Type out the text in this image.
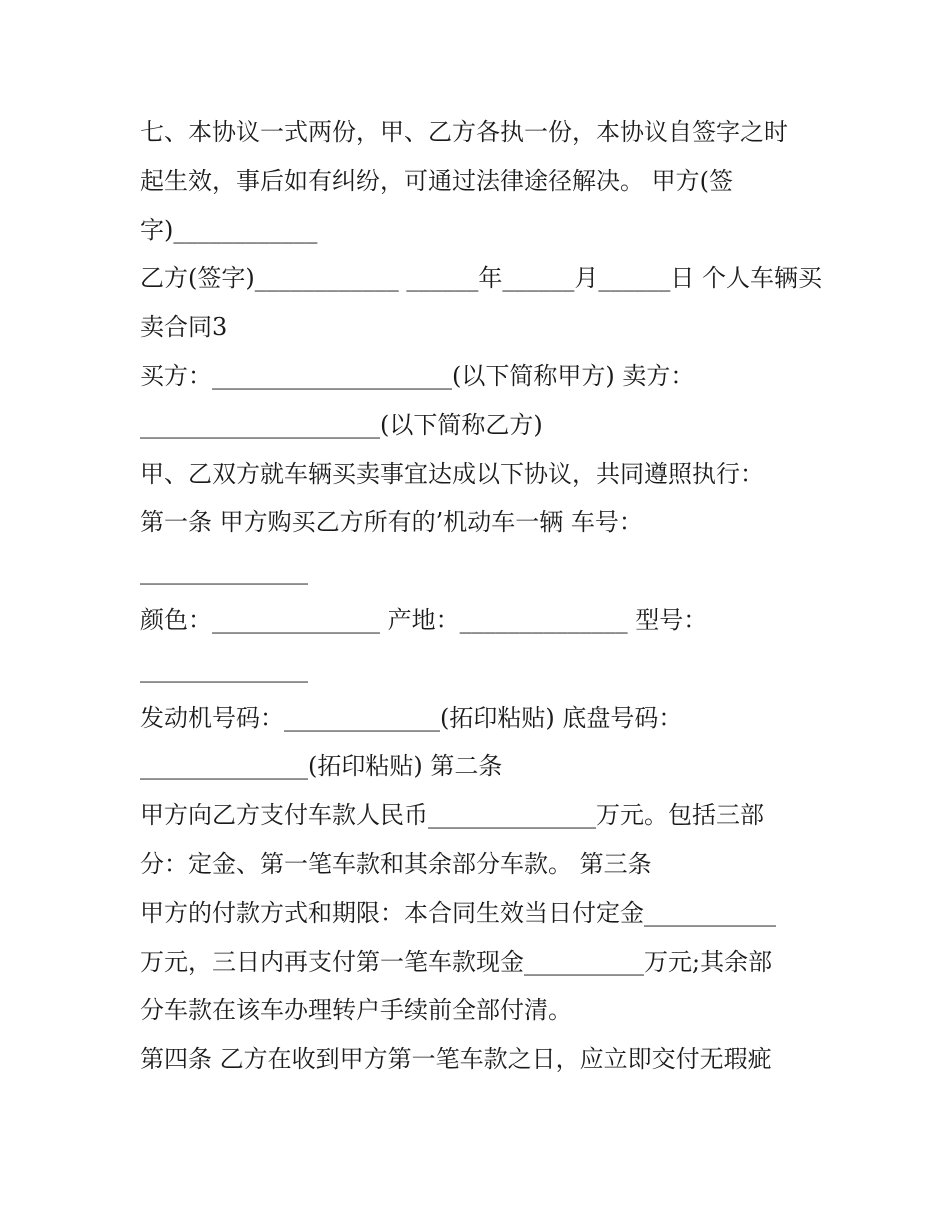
七、本协议一式两份，甲、乙方各执一份，本协议自签字之时

起生效，事后如有纠纷，可通过法律途径解决。 甲方(签

字)____________

乙方(签字)____________ ______年______月______日 个人车辆买

卖合同3

买方：____________________(以下简称甲方) 卖方：

____________________(以下简称乙方)

甲、乙双方就车辆买卖事宜达成以下协议，共同遵照执行：

第一条 甲方购买乙方所有的’机动车一辆 车号：

______________

颜色：______________ 产地：______________ 型号：

______________

发动机号码：_____________(拓印粘贴) 底盘号码：

______________(拓印粘贴) 第二条

甲方向乙方支付车款人民币______________万元。包括三部

分：定金、第一笔车款和其余部分车款。 第三条

甲方的付款方式和期限：本合同生效当日付定金___________

万元，三日内再支付第一笔车款现金__________万元;其余部

分车款在该车办理转户手续前全部付清。

第四条 乙方在收到甲方第一笔车款之日，应立即交付无瑕疵
